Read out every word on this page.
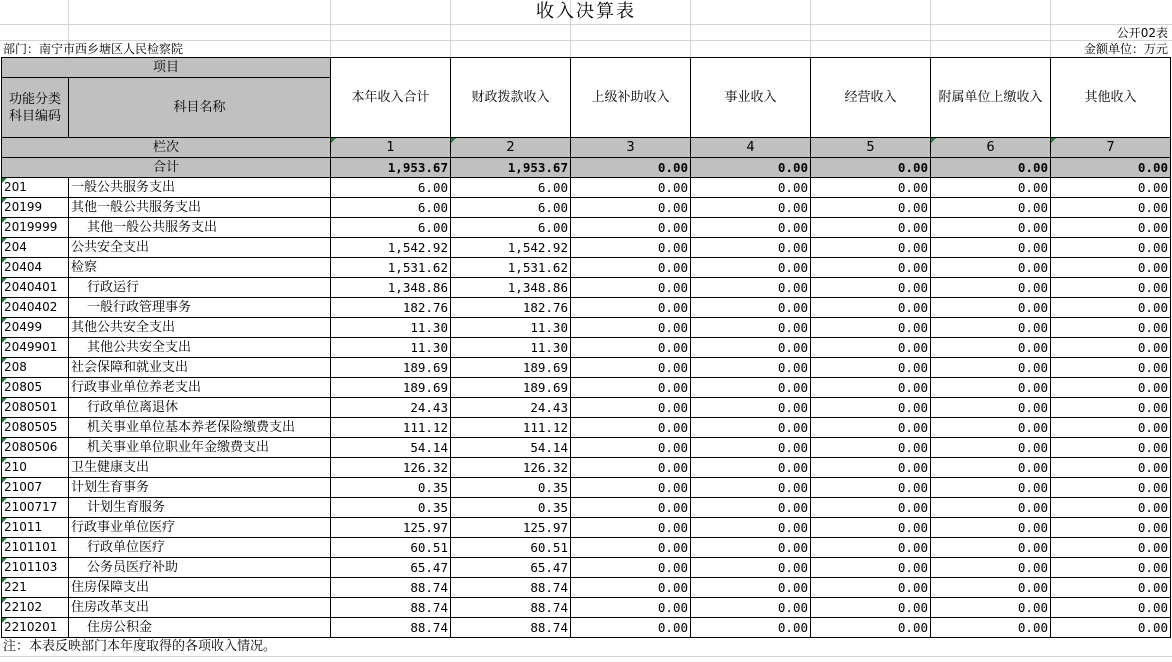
收入决算表
公开02表
部门：南宁市西乡塘区人民检察院	金额单位：万元
项目		本年收入合计	财政拨款收入	上级补助收入	事业收入	经营收入	附属单位上缴收入	其他收入
功能分类科目编码	科目名称							
栏次		1	2	3	4	5	6	7
合计		1,953.67	1,953.67	0.00	0.00	0.00	0.00	0.00

201	一般公共服务支出	6.00	6.00	0.00	0.00	0.00	0.00	0.00

20199	其他一般公共服务支出	6.00	6.00	0.00	0.00	0.00	0.00	0.00

2019999	其他一般公共服务支出	6.00	6.00	0.00	0.00	0.00	0.00	0.00

204	公共安全支出	1,542.92	1,542.92	0.00	0.00	0.00	0.00	0.00

20404	检察	1,531.62	1,531.62	0.00	0.00	0.00	0.00	0.00

2040401	行政运行	1,348.86	1,348.86	0.00	0.00	0.00	0.00	0.00

2040402	一般行政管理事务	182.76	182.76	0.00	0.00	0.00	0.00	0.00

20499	其他公共安全支出	11.30	11.30	0.00	0.00	0.00	0.00	0.00

2049901	其他公共安全支出	11.30	11.30	0.00	0.00	0.00	0.00	0.00

208	社会保障和就业支出	189.69	189.69	0.00	0.00	0.00	0.00	0.00

20805	行政事业单位养老支出	189.69	189.69	0.00	0.00	0.00	0.00	0.00

2080501	行政单位离退休	24.43	24.43	0.00	0.00	0.00	0.00	0.00

2080505	机关事业单位基本养老保险缴费支出	111.12	111.12	0.00	0.00	0.00	0.00	0.00

2080506	机关事业单位职业年金缴费支出	54.14	54.14	0.00	0.00	0.00	0.00	0.00

210	卫生健康支出	126.32	126.32	0.00	0.00	0.00	0.00	0.00

21007	计划生育事务	0.35	0.35	0.00	0.00	0.00	0.00	0.00

2100717	计划生育服务	0.35	0.35	0.00	0.00	0.00	0.00	0.00

21011	行政事业单位医疗	125.97	125.97	0.00	0.00	0.00	0.00	0.00

2101101	行政单位医疗	60.51	60.51	0.00	0.00	0.00	0.00	0.00

2101103	公务员医疗补助	65.47	65.47	0.00	0.00	0.00	0.00	0.00

221	住房保障支出	88.74	88.74	0.00	0.00	0.00	0.00	0.00

22102	住房改革支出	88.74	88.74	0.00	0.00	0.00	0.00	0.00

2210201	住房公积金	88.74	88.74	0.00	0.00	0.00	0.00	0.00
注：本表反映部门本年度取得的各项收入情况。
